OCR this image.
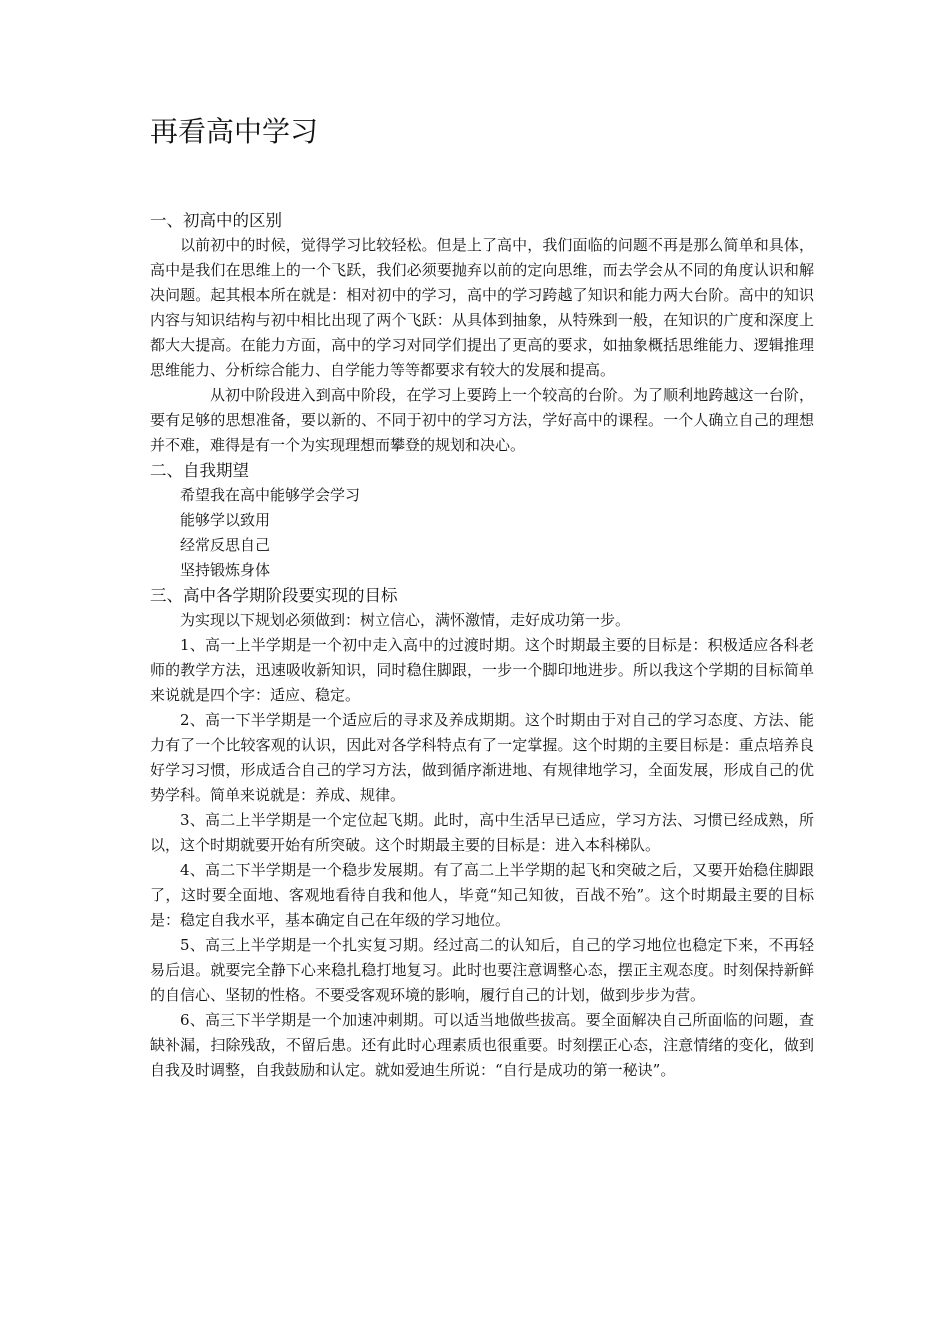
再看高中学习
一、初高中的区别

以前初中的时候，觉得学习比较轻松。但是上了高中，我们面临的问题不再是那么简单和具体，高中是我们在思维上的一个飞跃，我们必须要抛弃以前的定向思维，而去学会从不同的角度认识和解决问题。起其根本所在就是：相对初中的学习，高中的学习跨越了知识和能力两大台阶。高中的知识内容与知识结构与初中相比出现了两个飞跃：从具体到抽象，从特殊到一般，在知识的广度和深度上都大大提高。在能力方面，高中的学习对同学们提出了更高的要求，如抽象概括思维能力、逻辑推理思维能力、分析综合能力、自学能力等等都要求有较大的发展和提高。

从初中阶段进入到高中阶段，在学习上要跨上一个较高的台阶。为了顺利地跨越这一台阶，要有足够的思想准备，要以新的、不同于初中的学习方法，学好高中的课程。一个人确立自己的理想并不难，难得是有一个为实现理想而攀登的规划和决心。

二、自我期望
希望我在高中能够学会学习
能够学以致用
经常反思自己
坚持锻炼身体
三、高中各学期阶段要实现的目标

为实现以下规划必须做到：树立信心，满怀激情，走好成功第一步。

1、高一上半学期是一个初中走入高中的过渡时期。这个时期最主要的目标是：积极适应各科老师的教学方法，迅速吸收新知识，同时稳住脚跟，一步一个脚印地进步。所以我这个学期的目标简单来说就是四个字：适应、稳定。

2、高一下半学期是一个适应后的寻求及养成期期。这个时期由于对自己的学习态度、方法、能力有了一个比较客观的认识，因此对各学科特点有了一定掌握。这个时期的主要目标是：重点培养良好学习习惯，形成适合自己的学习方法，做到循序渐进地、有规律地学习，全面发展，形成自己的优势学科。简单来说就是：养成、规律。

3、高二上半学期是一个定位起飞期。此时，高中生活早已适应，学习方法、习惯已经成熟，所以，这个时期就要开始有所突破。这个时期最主要的目标是：进入本科梯队。

4、高二下半学期是一个稳步发展期。有了高二上半学期的起飞和突破之后，又要开始稳住脚跟了，这时要全面地、客观地看待自我和他人，毕竟“知己知彼，百战不殆”。这个时期最主要的目标是：稳定自我水平，基本确定自己在年级的学习地位。

5、高三上半学期是一个扎实复习期。经过高二的认知后，自己的学习地位也稳定下来，不再轻易后退。就要完全静下心来稳扎稳打地复习。此时也要注意调整心态，摆正主观态度。时刻保持新鲜的自信心、坚韧的性格。不要受客观环境的影响，履行自己的计划，做到步步为营。

6、高三下半学期是一个加速冲刺期。可以适当地做些拔高。要全面解决自己所面临的问题，查缺补漏，扫除残敌，不留后患。还有此时心理素质也很重要。时刻摆正心态，注意情绪的变化，做到自我及时调整，自我鼓励和认定。就如爱迪生所说：“自行是成功的第一秘诀”。
